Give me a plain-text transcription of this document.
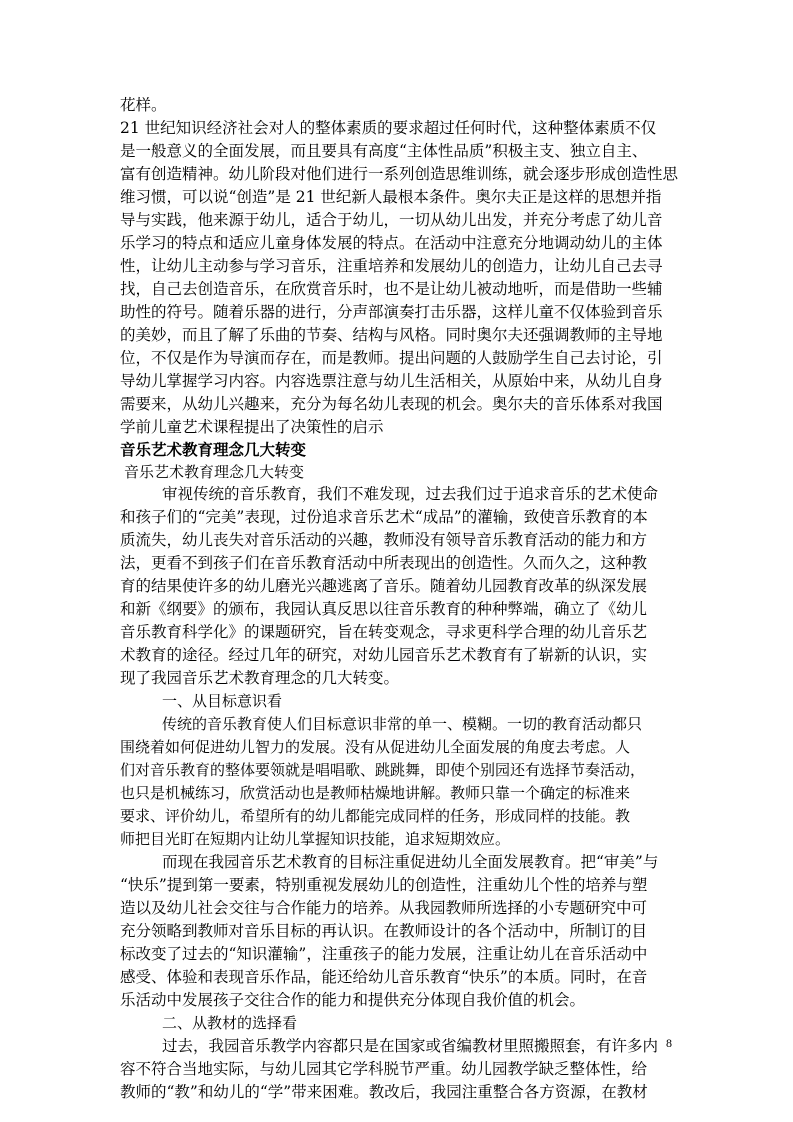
花样。
21 世纪知识经济社会对人的整体素质的要求超过任何时代，这种整体素质不仅
是一般意义的全面发展，而且要具有高度“主体性品质”积极主支、独立自主、
富有创造精神。幼儿阶段对他们进行一系列创造思维训练，就会逐步形成创造性思
维习惯，可以说“创造”是 21 世纪新人最根本条件。奥尔夫正是这样的思想并指
导与实践，他来源于幼儿，适合于幼儿，一切从幼儿出发，并充分考虑了幼儿音
乐学习的特点和适应儿童身体发展的特点。在活动中注意充分地调动幼儿的主体
性，让幼儿主动参与学习音乐，注重培养和发展幼儿的创造力，让幼儿自己去寻
找，自己去创造音乐，在欣赏音乐时，也不是让幼儿被动地听，而是借助一些辅
助性的符号。随着乐器的进行，分声部演奏打击乐器，这样儿童不仅体验到音乐
的美妙，而且了解了乐曲的节奏、结构与风格。同时奥尔夫还强调教师的主导地
位，不仅是作为导演而存在，而是教师。提出问题的人鼓励学生自己去讨论，引
导幼儿掌握学习内容。内容选票注意与幼儿生活相关，从原始中来，从幼儿自身
需要来，从幼儿兴趣来，充分为每名幼儿表现的机会。奥尔夫的音乐体系对我国
学前儿童艺术课程提出了决策性的启示
音乐艺术教育理念几大转变
音乐艺术教育理念几大转变
审视传统的音乐教育，我们不难发现，过去我们过于追求音乐的艺术使命
和孩子们的“完美”表现，过份追求音乐艺术“成品”的灌输，致使音乐教育的本
质流失，幼儿丧失对音乐活动的兴趣，教师没有领导音乐教育活动的能力和方
法，更看不到孩子们在音乐教育活动中所表现出的创造性。久而久之，这种教
育的结果使许多的幼儿磨光兴趣逃离了音乐。随着幼儿园教育改革的纵深发展
和新《纲要》的颁布，我园认真反思以往音乐教育的种种弊端，确立了《幼儿
音乐教育科学化》的课题研究，旨在转变观念，寻求更科学合理的幼儿音乐艺
术教育的途径。经过几年的研究，对幼儿园音乐艺术教育有了崭新的认识，实
现了我园音乐艺术教育理念的几大转变。
一、从目标意识看
传统的音乐教育使人们目标意识非常的单一、模糊。一切的教育活动都只
围绕着如何促进幼儿智力的发展。没有从促进幼儿全面发展的角度去考虑。人
们对音乐教育的整体要领就是唱唱歌、跳跳舞，即使个别园还有选择节奏活动，
也只是机械练习，欣赏活动也是教师枯燥地讲解。教师只靠一个确定的标准来
要求、评价幼儿，希望所有的幼儿都能完成同样的任务，形成同样的技能。教
师把目光盯在短期内让幼儿掌握知识技能，追求短期效应。
而现在我园音乐艺术教育的目标注重促进幼儿全面发展教育。把“审美”与
“快乐”提到第一要素，特别重视发展幼儿的创造性，注重幼儿个性的培养与塑
造以及幼儿社会交往与合作能力的培养。从我园教师所选择的小专题研究中可
充分领略到教师对音乐目标的再认识。在教师设计的各个活动中，所制订的目
标改变了过去的“知识灌输”，注重孩子的能力发展，注重让幼儿在音乐活动中
感受、体验和表现音乐作品，能还给幼儿音乐教育“快乐”的本质。同时，在音
乐活动中发展孩子交往合作的能力和提供充分体现自我价值的机会。
二、从教材的选择看
过去，我园音乐教学内容都只是在国家或省编教材里照搬照套，有许多内
容不符合当地实际，与幼儿园其它学科脱节严重。幼儿园教学缺乏整体性，给
教师的“教”和幼儿的“学”带来困难。教改后，我园注重整合各方资源，在教材
8
